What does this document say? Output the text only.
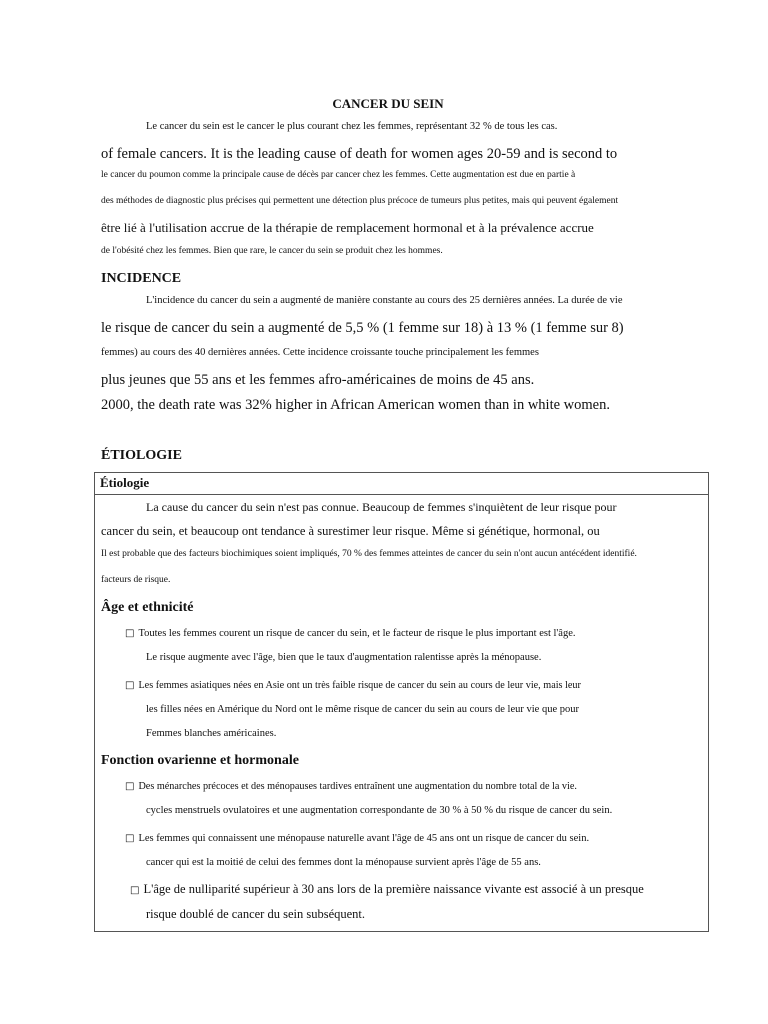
CANCER DU SEIN
Le cancer du sein est le cancer le plus courant chez les femmes, représentant 32 % de tous les cas.
of female cancers. It is the leading cause of death for women ages 20-59 and is second to
le cancer du poumon comme la principale cause de décès par cancer chez les femmes. Cette augmentation est due en partie à
des méthodes de diagnostic plus précises qui permettent une détection plus précoce de tumeurs plus petites, mais qui peuvent également
être lié à l'utilisation accrue de la thérapie de remplacement hormonal et à la prévalence accrue
de l'obésité chez les femmes. Bien que rare, le cancer du sein se produit chez les hommes.
INCIDENCE
L'incidence du cancer du sein a augmenté de manière constante au cours des 25 dernières années. La durée de vie
le risque de cancer du sein a augmenté de 5,5 % (1 femme sur 18) à 13 % (1 femme sur 8)
femmes) au cours des 40 dernières années. Cette incidence croissante touche principalement les femmes
plus jeunes que 55 ans et les femmes afro-américaines de moins de 45 ans.
2000, the death rate was 32% higher in African American women than in white women.
ÉTIOLOGIE
Étiologie
La cause du cancer du sein n'est pas connue. Beaucoup de femmes s'inquiètent de leur risque pour
cancer du sein, et beaucoup ont tendance à surestimer leur risque. Même si génétique, hormonal, ou
Il est probable que des facteurs biochimiques soient impliqués, 70 % des femmes atteintes de cancer du sein n'ont aucun antécédent identifié.
facteurs de risque.
Âge et ethnicité
□ Toutes les femmes courent un risque de cancer du sein, et le facteur de risque le plus important est l'âge.
Le risque augmente avec l'âge, bien que le taux d'augmentation ralentisse après la ménopause.
□ Les femmes asiatiques nées en Asie ont un très faible risque de cancer du sein au cours de leur vie, mais leur
les filles nées en Amérique du Nord ont le même risque de cancer du sein au cours de leur vie que pour
Femmes blanches américaines.
Fonction ovarienne et hormonale
□ Des ménarches précoces et des ménopauses tardives entraînent une augmentation du nombre total de la vie.
cycles menstruels ovulatoires et une augmentation correspondante de 30 % à 50 % du risque de cancer du sein.
□ Les femmes qui connaissent une ménopause naturelle avant l'âge de 45 ans ont un risque de cancer du sein.
cancer qui est la moitié de celui des femmes dont la ménopause survient après l'âge de 55 ans.
□ L'âge de nulliparité supérieur à 30 ans lors de la première naissance vivante est associé à un presque
risque doublé de cancer du sein subséquent.
